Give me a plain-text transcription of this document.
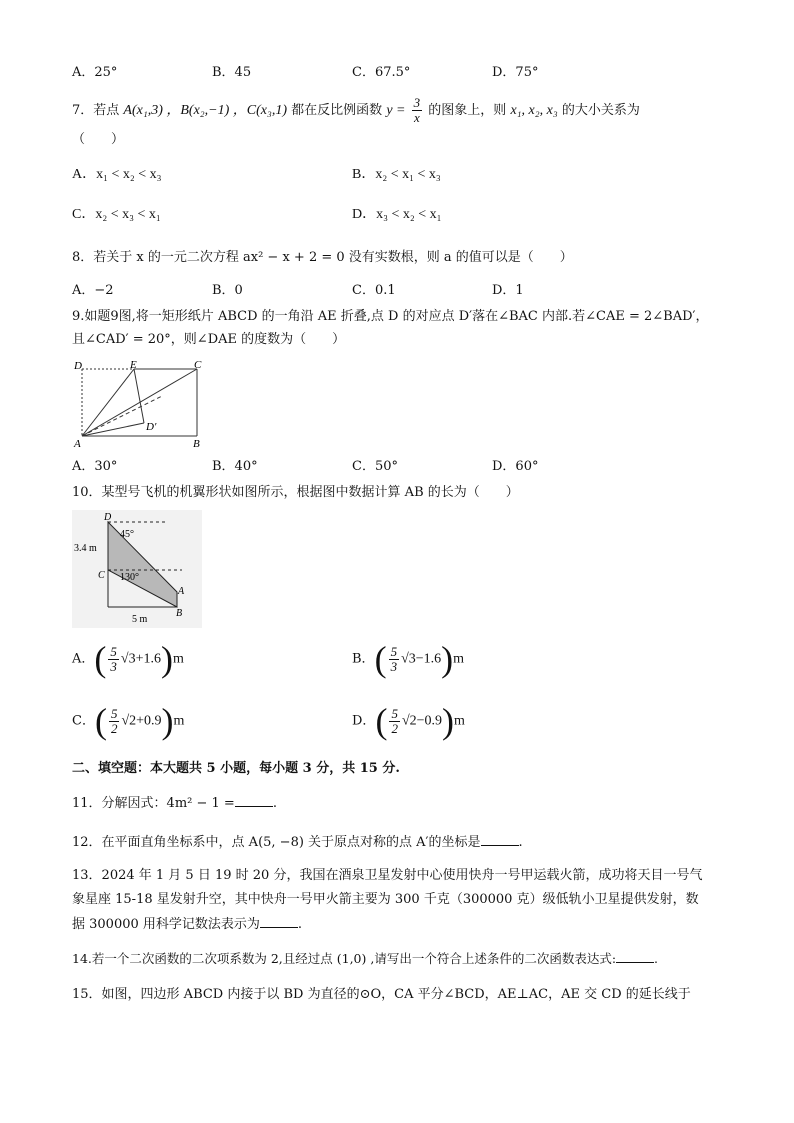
A．25°	B．45	C．67.5°	D．75°
7．若点 A(x₁,3) ，B(x₂,−1) ，C(x₃,1) 都在反比例函数 $y = \frac{3}{x}$ 的图象上，则 x₁, x₂, x₃ 的大小关系为
（　　）
A．x₁ < x₂ < x₃	B．x₂ < x₁ < x₃
C．x₂ < x₃ < x₁	D．x₃ < x₂ < x₁
8．若关于 x 的一元二次方程 ax² − x + 2 = 0 没有实数根，则 a 的值可以是（　　）
A．−2	B．0	C．0.1	D．1
9.如题9图,将一矩形纸片 ABCD 的一角沿 AE 折叠,点 D 的对应点 D′落在∠BAC 内部.若∠CAE = 2∠BAD′，
且∠CAD′ = 20°，则∠DAE 的度数为（　　）
D	E	C
A	B
D′
A．30°	B．40°	C．50°	D．60°
10．某型号飞机的机翼形状如图所示，根据图中数据计算 AB 的长为（　　）
D
C
A
B
3.4 m
5 m
45°
130°
A．( $\frac{5}{3} √3+1.6)m$	B．( $\frac{5}{3} √3-1.6)m$
C．( $\frac{5}{2} √2+0.9)m$	D．( $\frac{5}{2} √2-0.9)m$
二、填空题：本大题共 5 小题，每小题 3 分，共 15 分.
11．分解因式：4m² − 1 =	.
12．在平面直角坐标系中，点 A(5, −8) 关于原点对称的点 A′的坐标是	.
13．2024 年 1 月 5 日 19 时 20 分，我国在酒泉卫星发射中心使用快舟一号甲运载火箭，成功将天目一号气
象星座 15-18 星发射升空，其中快舟一号甲火箭主要为 300 千克（300000 克）级低轨小卫星提供发射，数
据 300000 用科学记数法表示为	.
14.若一个二次函数的二次项系数为 2,且经过点 (1,0) ,请写出一个符合上述条件的二次函数表达式:	.
15．如图，四边形 ABCD 内接于以 BD 为直径的⊙O，CA 平分∠BCD，AE⊥AC，AE 交 CD 的延长线于
